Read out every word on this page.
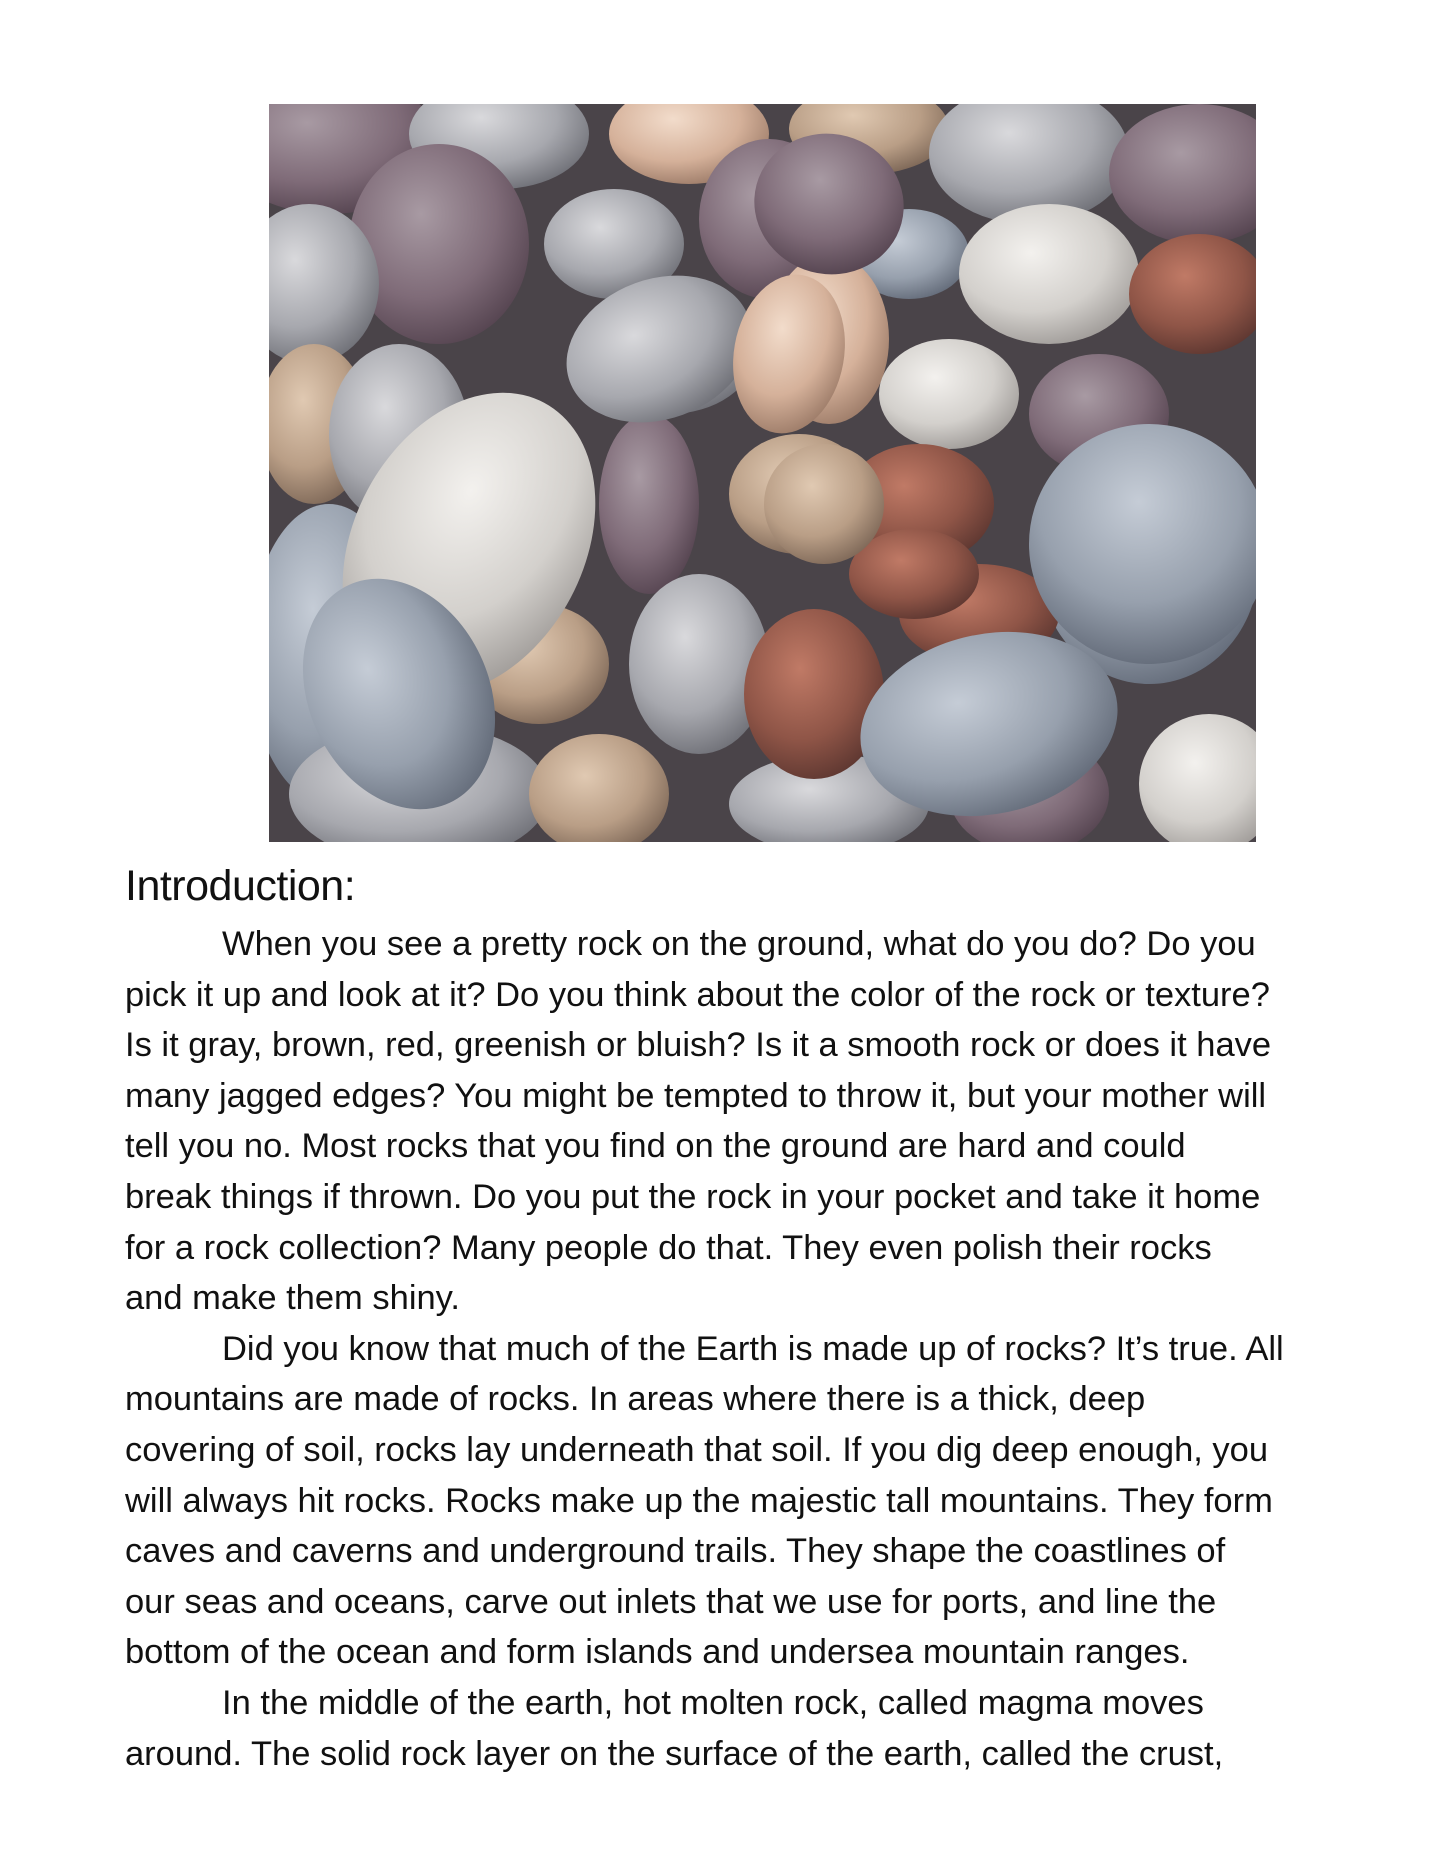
Introduction:

When you see a pretty rock on the ground, what do you do? Do you
pick it up and look at it? Do you think about the color of the rock or texture?
Is it gray, brown, red, greenish or bluish? Is it a smooth rock or does it have
many jagged edges? You might be tempted to throw it, but your mother will
tell you no. Most rocks that you find on the ground are hard and could
break things if thrown. Do you put the rock in your pocket and take it home
for a rock collection? Many people do that. They even polish their rocks
and make them shiny.

Did you know that much of the Earth is made up of rocks? It’s true. All
mountains are made of rocks. In areas where there is a thick, deep
covering of soil, rocks lay underneath that soil. If you dig deep enough, you
will always hit rocks. Rocks make up the majestic tall mountains. They form
caves and caverns and underground trails. They shape the coastlines of
our seas and oceans, carve out inlets that we use for ports, and line the
bottom of the ocean and form islands and undersea mountain ranges.

In the middle of the earth, hot molten rock, called magma moves
around. The solid rock layer on the surface of the earth, called the crust,
